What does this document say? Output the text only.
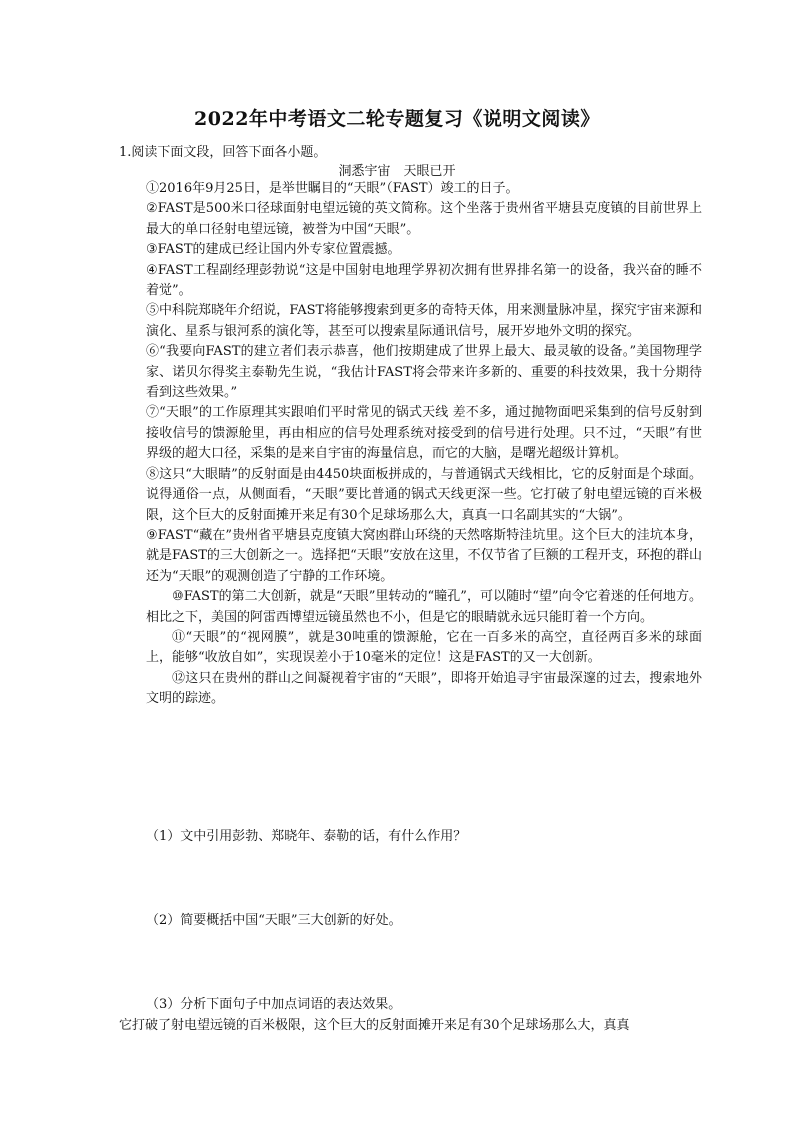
2022年中考语文二轮专题复习《说明文阅读》
1.阅读下面文段，回答下面各小题。
洞悉宇宙　天眼已开

①2016年9月25日，是举世瞩目的“天眼”（FAST）竣工的日子。

②FAST是500米口径球面射电望远镜的英文简称。这个坐落于贵州省平塘县克度镇的目前世界上最大的单口径射电望远镜，被誉为中国“天眼”。

③FAST的建成已经让国内外专家位置震撼。

④FAST工程副经理彭勃说“这是中国射电地理学界初次拥有世界排名第一的设备，我兴奋的睡不着觉”。

⑤中科院郑晓年介绍说，FAST将能够搜索到更多的奇特天体，用来测量脉冲星，探究宇宙来源和演化、星系与银河系的演化等，甚至可以搜索星际通讯信号，展开岁地外文明的探究。

⑥“我要向FAST的建立者们表示恭喜，他们按期建成了世界上最大、最灵敏的设备。”美国物理学家、诺贝尔得奖主泰勒先生说，“我估计FAST将会带来许多新的、重要的科技效果，我十分期待看到这些效果。”

⑦“天眼”的工作原理其实跟咱们平时常见的锅式天线 差不多，通过抛物面吧采集到的信号反射到接收信号的馈源舱里，再由相应的信号处理系统对接受到的信号进行处理。只不过，“天眼”有世界级的超大口径，采集的是来自宇宙的海量信息，而它的大脑，是曙光超级计算机。

⑧这只“大眼睛”的反射面是由4450块面板拼成的，与普通锅式天线相比，它的反射面是个球面。说得通俗一点，从侧面看，“天眼”要比普通的锅式天线更深一些。它打破了射电望远镜的百米极限，这个巨大的反射面摊开来足有30个足球场那么大，真真一口名副其实的“大锅”。

⑨FAST“藏在”贵州省平塘县克度镇大窝凼群山环绕的天然喀斯特洼坑里。这个巨大的洼坑本身，就是FAST的三大创新之一。选择把“天眼”安放在这里，不仅节省了巨额的工程开支，环抱的群山还为“天眼”的观测创造了宁静的工作环境。

⑩FAST的第二大创新，就是“天眼”里转动的“瞳孔”，可以随时“望”向令它着迷的任何地方。相比之下，美国的阿雷西博望远镜虽然也不小，但是它的眼睛就永远只能盯着一个方向。

⑪“天眼”的“视网膜”，就是30吨重的馈源舱，它在一百多米的高空，直径两百多米的球面上，能够“收放自如”，实现误差小于10毫米的定位！这是FAST的又一大创新。

⑫这只在贵州的群山之间凝视着宇宙的“天眼”，即将开始追寻宇宙最深邃的过去，搜索地外文明的踪迹。

（1）文中引用彭勃、郑晓年、泰勒的话，有什么作用？
（2）简要概括中国“天眼”三大创新的好处。
（3）分析下面句子中加点词语的表达效果。
它打破了射电望远镜的百米极限，这个巨大的反射面摊开来足有30个足球场那么大，真真
